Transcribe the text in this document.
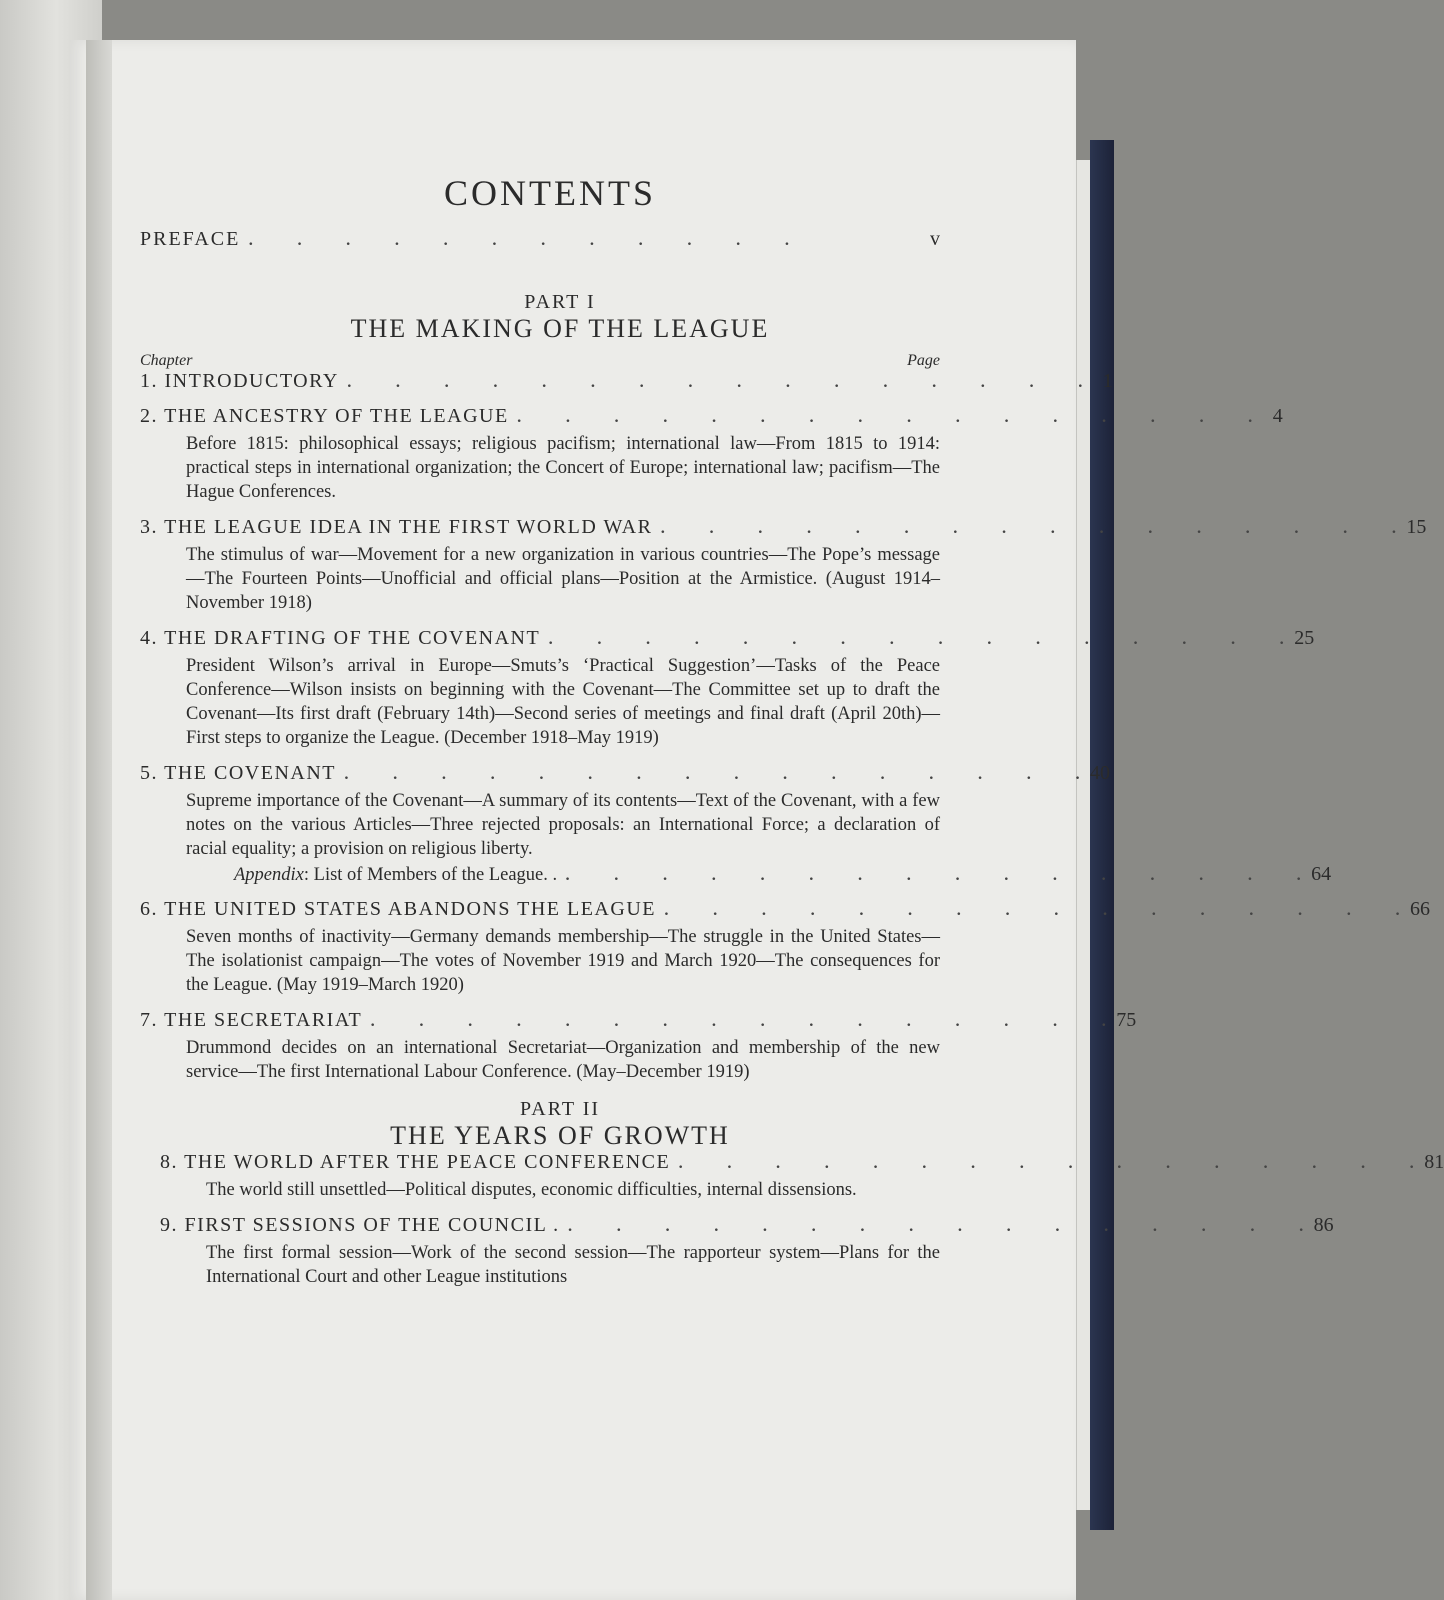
CONTENTS
PREFACE .         .         .         .         .         .         .         .         .         .         .         .	v
PART I
THE MAKING OF THE LEAGUE
Chapter	Page
1. INTRODUCTORY .         .         .         .         .         .         .         .         .         .         .         .         .         .         .         .	1
2. THE ANCESTRY OF THE LEAGUE .         .         .         .         .         .         .         .         .         .         .         .         .         .         .         .	4
Before 1815: philosophical essays; religious pacifism; international law—From 1815 to 1914: practical steps in international organization; the Concert of Europe; international law; pacifism—The Hague Conferences.
3. THE LEAGUE IDEA IN THE FIRST WORLD WAR .         .         .         .         .         .         .         .         .         .         .         .         .         .         .         . 15
The stimulus of war—Movement for a new organization in various countries—The Pope’s message—The Fourteen Points—Unofficial and official plans—Position at the Armistice. (August 1914–November 1918)
4. THE DRAFTING OF THE COVENANT .         .         .         .         .         .         .         .         .         .         .         .         .         .         .         . 25
President Wilson’s arrival in Europe—Smuts’s ‘Practical Suggestion’—Tasks of the Peace Conference—Wilson insists on beginning with the Covenant—The Committee set up to draft the Covenant—Its first draft (February 14th)—Second series of meetings and final draft (April 20th)—First steps to organize the League. (December 1918–May 1919)
5. THE COVENANT .         .         .         .         .         .         .         .         .         .         .         .         .         .         .         . 40
Supreme importance of the Covenant—A summary of its contents—Text of the Covenant, with a few notes on the various Articles—Three rejected proposals: an International Force; a declaration of racial equality; a provision on religious liberty.
Appendix: List of Members of the League. . .         .         .         .         .         .         .         .         .         .         .         .         .         .         .         . 64
6. THE UNITED STATES ABANDONS THE LEAGUE .         .         .         .         .         .         .         .         .         .         .         .         .         .         .         . 66
Seven months of inactivity—Germany demands membership—The struggle in the United States—The isolationist campaign—The votes of November 1919 and March 1920—The consequences for the League. (May 1919–March 1920)
7. THE SECRETARIAT .         .         .         .         .         .         .         .         .         .         .         .         .         .         .         . 75
Drummond decides on an international Secretariat—Organization and membership of the new service—The first International Labour Conference. (May–December 1919)
PART II
THE YEARS OF GROWTH
8. THE WORLD AFTER THE PEACE CONFERENCE .         .         .         .         .         .         .         .         .         .         .         .         .         .         .         . 81
The world still unsettled—Political disputes, economic difficulties, internal dissensions.
9. FIRST SESSIONS OF THE COUNCIL . .         .         .         .         .         .         .         .         .         .         .         .         .         .         .         . 86
The first formal session—Work of the second session—The rapporteur system—Plans for the International Court and other League institutions
